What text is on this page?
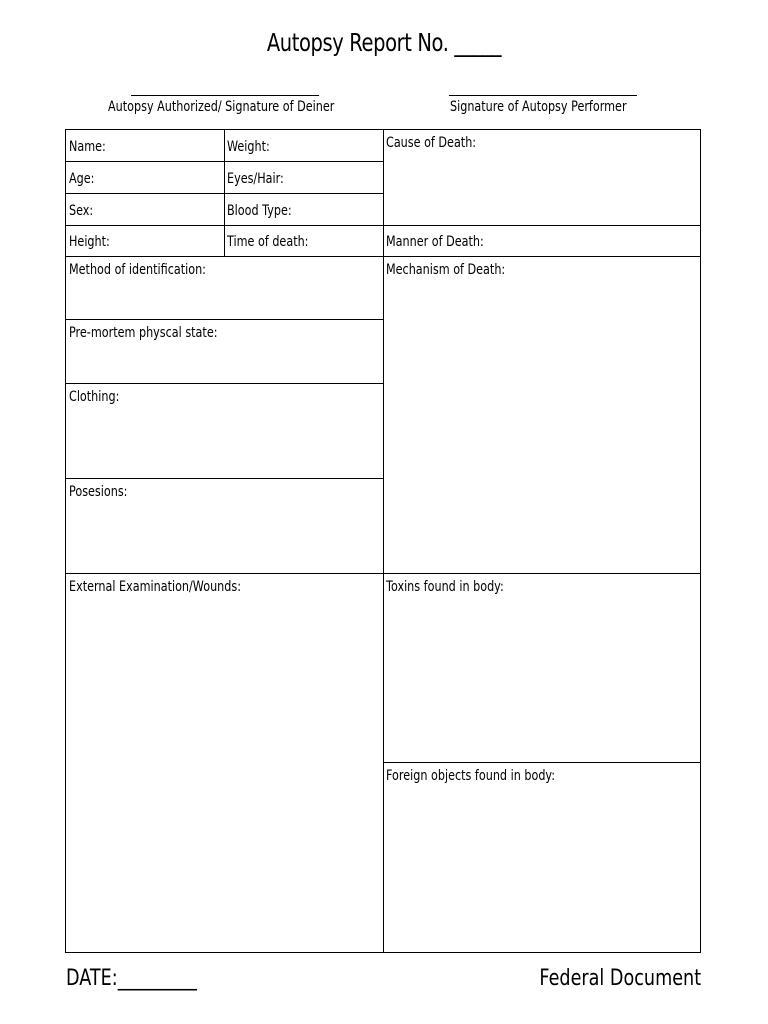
Autopsy Report No. _____
Autopsy Authorized/ Signature of Deiner	Signature of Autopsy Performer
Name:	Weight:
Age:	Eyes/Hair:
Sex:	Blood Type:
Height:	Time of death:
Cause of Death:
Manner of Death:
Mechanism of Death:
Method of identification:
Pre-mortem physcal state:
Clothing:
Posesions:
External Examination/Wounds:	Toxins found in body:
Foreign objects found in body:
DATE:_________	Federal Document
